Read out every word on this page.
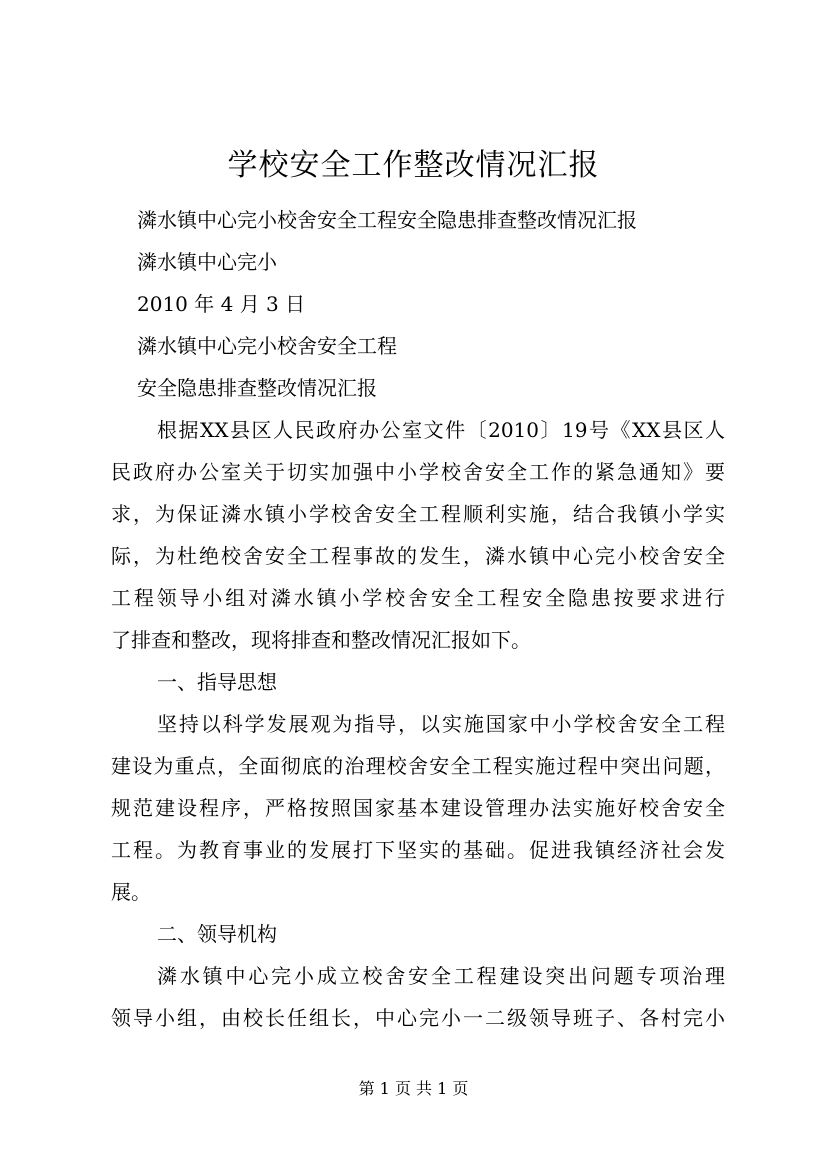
学校安全工作整改情况汇报
潾水镇中心完小校舍安全工程安全隐患排查整改情况汇报
潾水镇中心完小
2010 年 4 月 3 日
潾水镇中心完小校舍安全工程
安全隐患排查整改情况汇报
根据XX县区人民政府办公室文件〔2010〕19号《XX县区人
民政府办公室关于切实加强中小学校舍安全工作的紧急通知》要
求，为保证潾水镇小学校舍安全工程顺利实施，结合我镇小学实
际，为杜绝校舍安全工程事故的发生，潾水镇中心完小校舍安全
工程领导小组对潾水镇小学校舍安全工程安全隐患按要求进行
了排查和整改，现将排查和整改情况汇报如下。
一、指导思想
坚持以科学发展观为指导，以实施国家中小学校舍安全工程
建设为重点，全面彻底的治理校舍安全工程实施过程中突出问题，
规范建设程序，严格按照国家基本建设管理办法实施好校舍安全
工程。为教育事业的发展打下坚实的基础。促进我镇经济社会发
展。
二、领导机构
潾水镇中心完小成立校舍安全工程建设突出问题专项治理
领导小组，由校长任组长，中心完小一二级领导班子、各村完小
第 1 页 共 1 页
